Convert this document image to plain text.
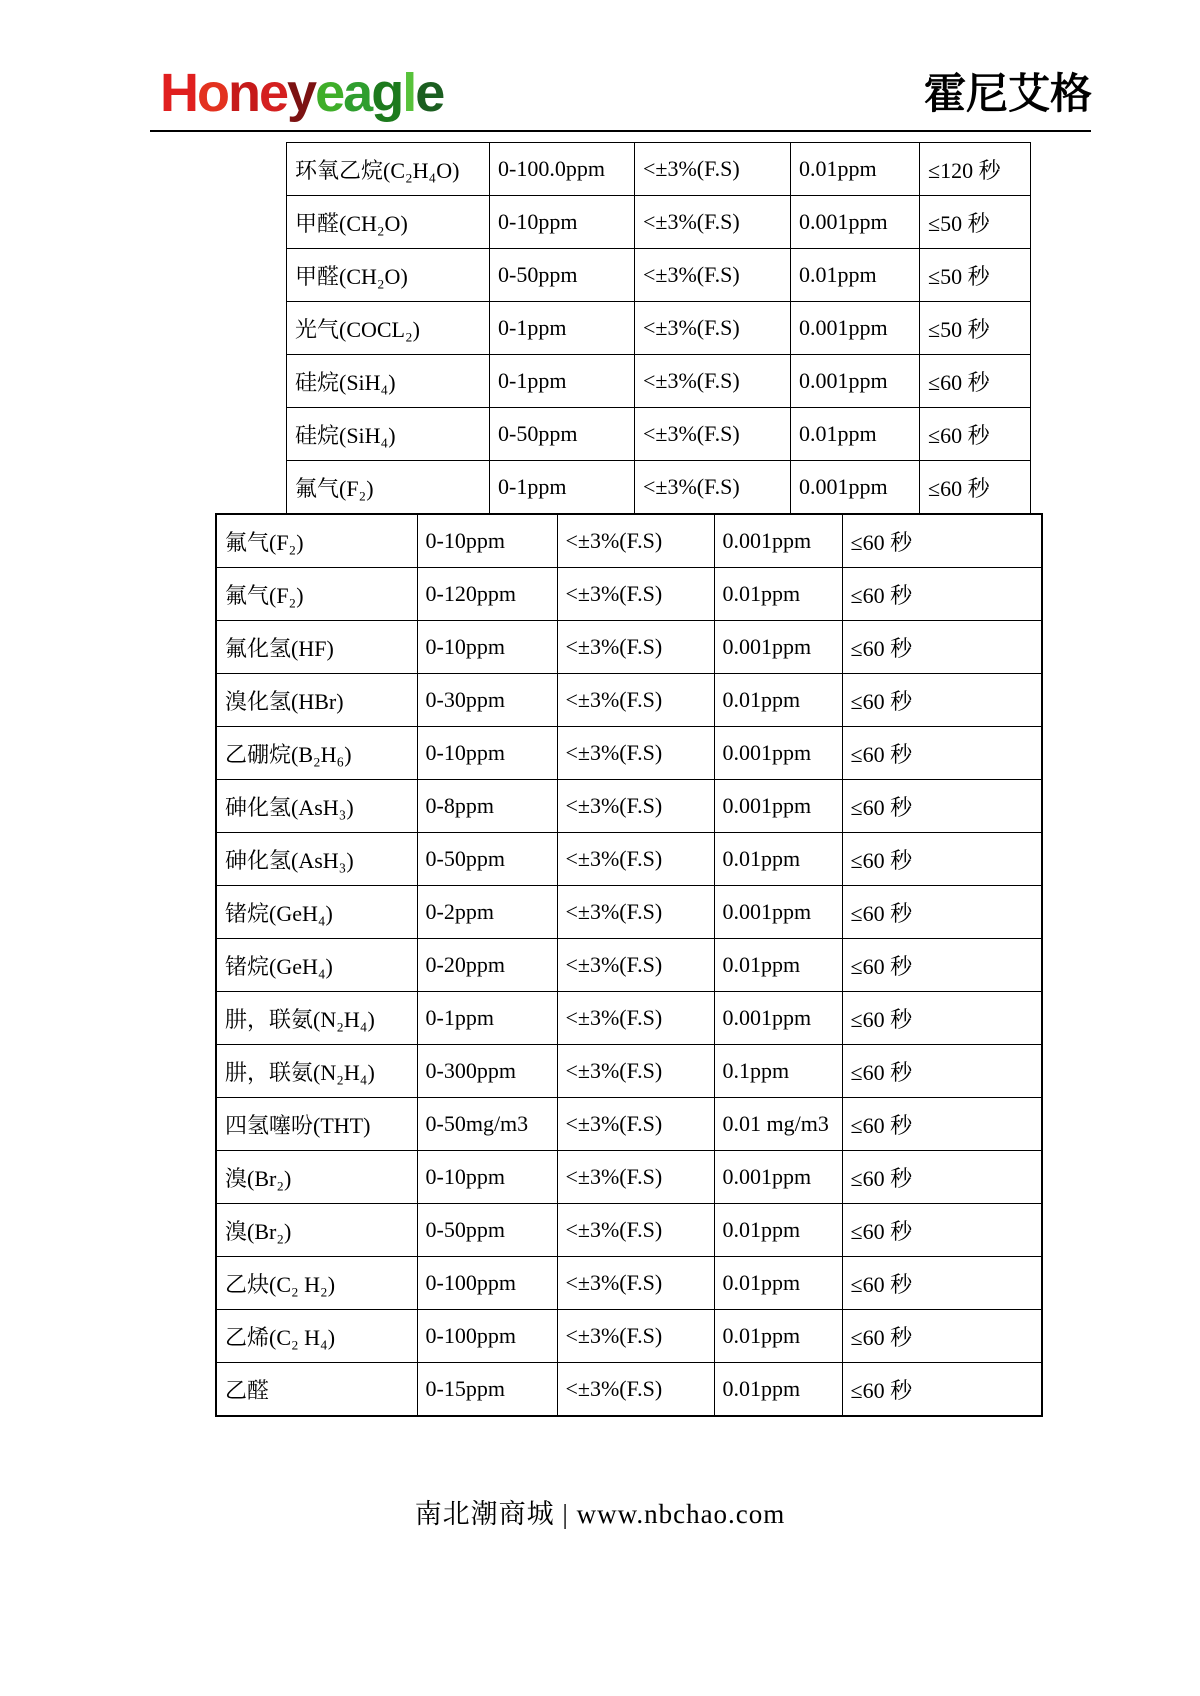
Honeyeagle	霍尼艾格
环氧乙烷(C₂H₄O)	0-100.0ppm	<±3%(F.S)	0.01ppm	≤120 秒
甲醛(CH₂O)	0-10ppm	<±3%(F.S)	0.001ppm	≤50 秒
甲醛(CH₂O)	0-50ppm	<±3%(F.S)	0.01ppm	≤50 秒
光气(COCL₂)	0-1ppm	<±3%(F.S)	0.001ppm	≤50 秒
硅烷(SiH₄)	0-1ppm	<±3%(F.S)	0.001ppm	≤60 秒
硅烷(SiH₄)	0-50ppm	<±3%(F.S)	0.01ppm	≤60 秒
氟气(F₂)	0-1ppm	<±3%(F.S)	0.001ppm	≤60 秒
氟气(F₂)	0-10ppm	<±3%(F.S)	0.001ppm	≤60 秒
氟气(F₂)	0-120ppm	<±3%(F.S)	0.01ppm	≤60 秒
氟化氢(HF)	0-10ppm	<±3%(F.S)	0.001ppm	≤60 秒
溴化氢(HBr)	0-30ppm	<±3%(F.S)	0.01ppm	≤60 秒
乙硼烷(B₂H₆)	0-10ppm	<±3%(F.S)	0.001ppm	≤60 秒
砷化氢(AsH₃)	0-8ppm	<±3%(F.S)	0.001ppm	≤60 秒
砷化氢(AsH₃)	0-50ppm	<±3%(F.S)	0.01ppm	≤60 秒
锗烷(GeH₄)	0-2ppm	<±3%(F.S)	0.001ppm	≤60 秒
锗烷(GeH₄)	0-20ppm	<±3%(F.S)	0.01ppm	≤60 秒
肼，联氨(N₂H₄)	0-1ppm	<±3%(F.S)	0.001ppm	≤60 秒
肼，联氨(N₂H₄)	0-300ppm	<±3%(F.S)	0.1ppm	≤60 秒
四氢噻吩(THT)	0-50mg/m3	<±3%(F.S)	0.01 mg/m3	≤60 秒
溴(Br₂)	0-10ppm	<±3%(F.S)	0.001ppm	≤60 秒
溴(Br₂)	0-50ppm	<±3%(F.S)	0.01ppm	≤60 秒
乙炔(C₂ H₂)	0-100ppm	<±3%(F.S)	0.01ppm	≤60 秒
乙烯(C₂ H₄)	0-100ppm	<±3%(F.S)	0.01ppm	≤60 秒
乙醛	0-15ppm	<±3%(F.S)	0.01ppm	≤60 秒
南北潮商城 | www.nbchao.com
